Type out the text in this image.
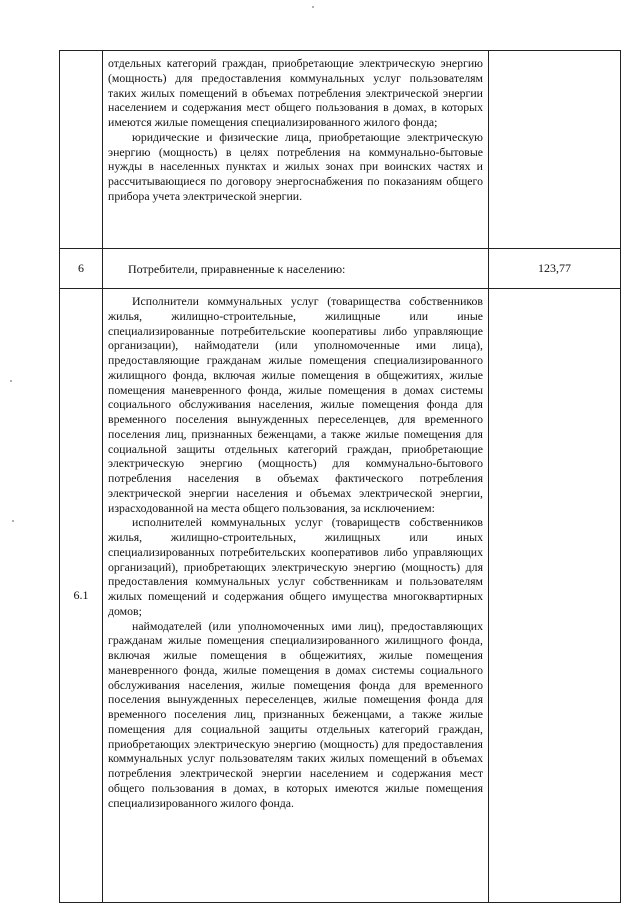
	отдельных категорий граждан, приобретающие электрическую энергию (мощность) для предоставления коммунальных услуг пользователям таких жилых помещений в объемах потребления электрической энергии населением и содержания мест общего пользования в домах, в которых имеются жилые помещения специализированного жилого фонда;
юридические и физические лица, приобретающие электрическую энергию (мощность) в целях потребления на коммунально-бытовые нужды в населенных пунктах и жилых зонах при воинских частях и рассчитывающиеся по договору энергоснабжения по показаниям общего прибора учета электрической энергии.	

6	Потребители, приравненные к населению:	123,77
6.1	Исполнители коммунальных услуг (товарищества собственников жилья, жилищно-строительные, жилищные или иные специализированные потребительские кооперативы либо управляющие организации), наймодатели (или уполномоченные ими лица), предоставляющие гражданам жилые помещения специализированного жилищного фонда, включая жилые помещения в общежитиях, жилые помещения маневренного фонда, жилые помещения в домах системы социального обслуживания населения, жилые помещения фонда для временного поселения вынужденных переселенцев, для временного поселения лиц, признанных беженцами, а также жилые помещения для социальной защиты отдельных категорий граждан, приобретающие электрическую энергию (мощность) для коммунально-бытового потребления населения в объемах фактического потребления электрической энергии населения и объемах электрической энергии, израсходованной на места общего пользования, за исключением:
исполнителей коммунальных услуг (товариществ собственников жилья, жилищно-строительных, жилищных или иных специализированных потребительских кооперативов либо управляющих организаций), приобретающих электрическую энергию (мощность) для предоставления коммунальных услуг собственникам и пользователям жилых помещений и содержания общего имущества многоквартирных домов;
наймодателей (или уполномоченных ими лиц), предоставляющих гражданам жилые помещения специализированного жилищного фонда, включая жилые помещения в общежитиях, жилые помещения маневренного фонда, жилые помещения в домах системы социального обслуживания населения, жилые помещения фонда для временного поселения вынужденных переселенцев, жилые помещения фонда для временного поселения лиц, признанных беженцами, а также жилые помещения для социальной защиты отдельных категорий граждан, приобретающих электрическую энергию (мощность) для предоставления коммунальных услуг пользователям таких жилых помещений в объемах потребления электрической энергии населением и содержания мест общего пользования в домах, в которых имеются жилые помещения специализированного жилого фонда.	
